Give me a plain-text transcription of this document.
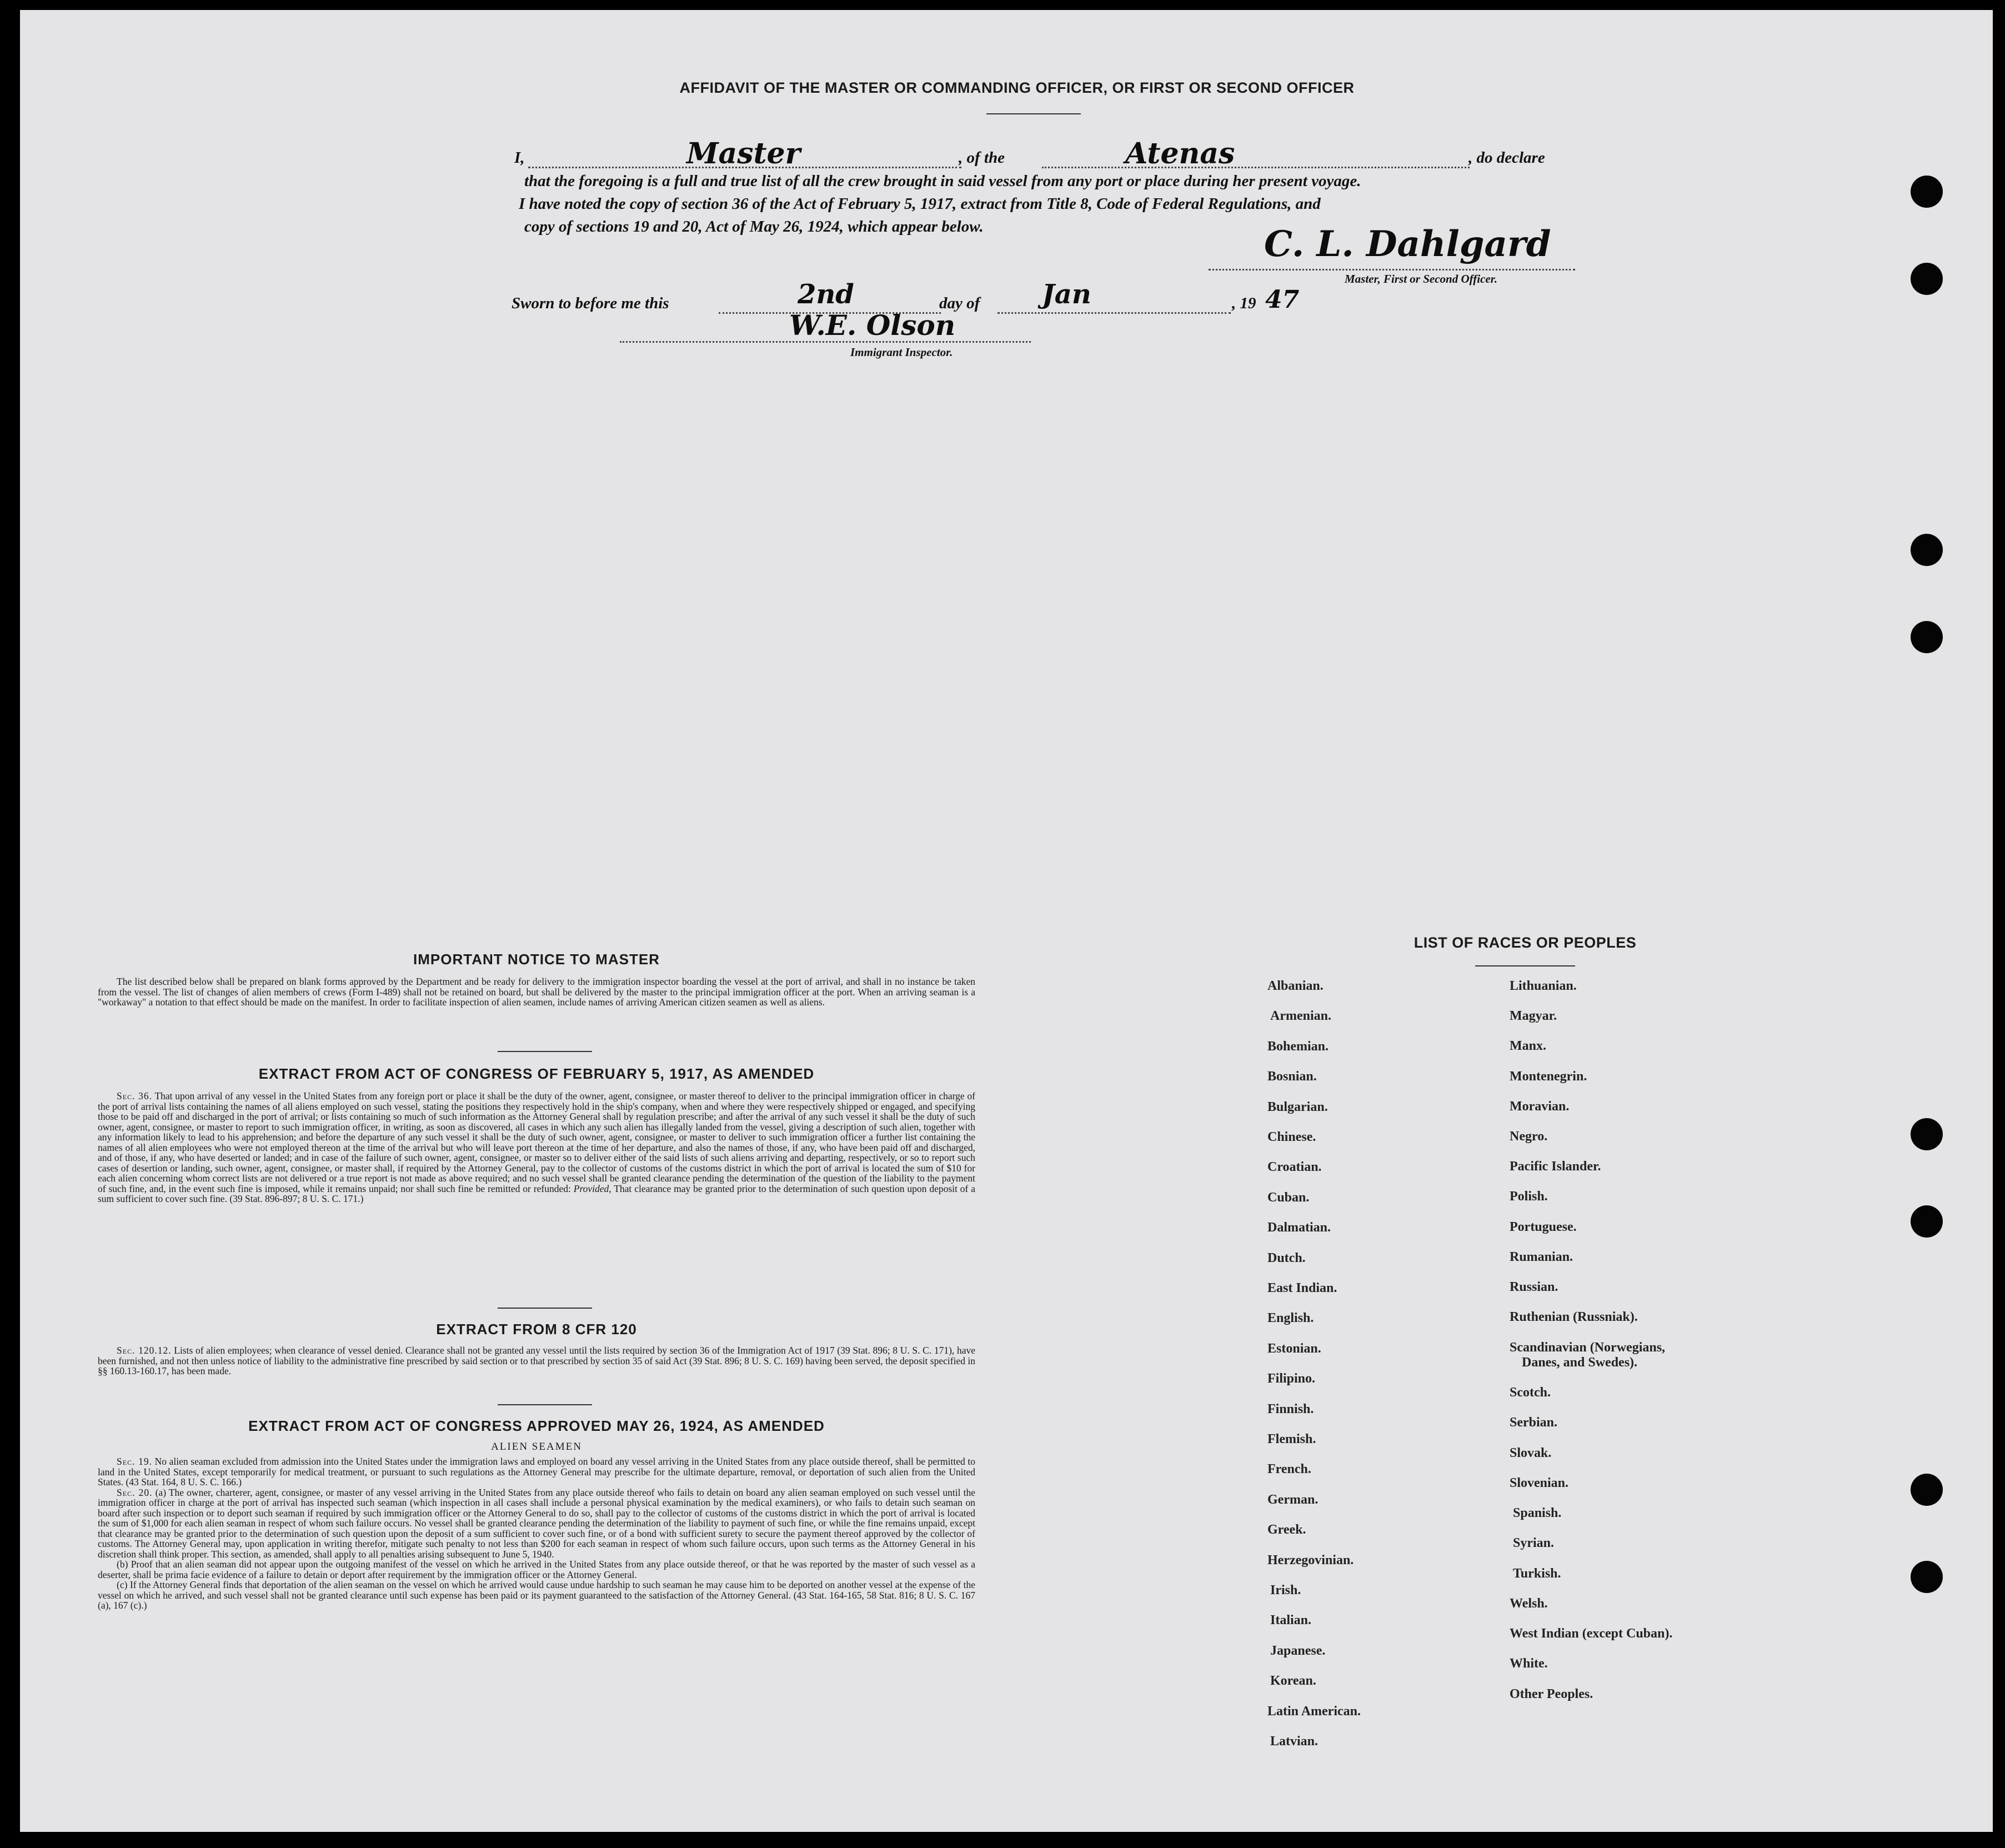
AFFIDAVIT OF THE MASTER OR COMMANDING OFFICER, OR FIRST OR SECOND OFFICER
I,	Master	, of the	Atenas	, do declare
that the foregoing is a full and true list of all the crew brought in said vessel from any port or place during her present voyage.
I have noted the copy of section 36 of the Act of February 5, 1917, extract from Title 8, Code of Federal Regulations, and
copy of sections 19 and 20, Act of May 26, 1924, which appear below.	C. L. Dahlgard
Master, First or Second Officer.
Sworn to before me this	2nd	day of Jan	, 19 47
W.E. Olson
Immigrant Inspector.
IMPORTANT NOTICE TO MASTER

The list described below shall be prepared on blank forms approved by the Department and be ready for delivery to the immigration inspector boarding the vessel at the port of arrival, and shall in no instance be taken from the vessel. The list of changes of alien members of crews (Form I-489) shall not be retained on board, but shall be delivered by the master to the principal immigration officer at the port. When an arriving seaman is a "workaway" a notation to that effect should be made on the manifest. In order to facilitate inspection of alien seamen, include names of arriving American citizen seamen as well as aliens.

EXTRACT FROM ACT OF CONGRESS OF FEBRUARY 5, 1917, AS AMENDED

Sec. 36. That upon arrival of any vessel in the United States from any foreign port or place it shall be the duty of the owner, agent, consignee, or master thereof to deliver to the principal immigration officer in charge of the port of arrival lists containing the names of all aliens employed on such vessel, stating the positions they respectively hold in the ship's company, when and where they were respectively shipped or engaged, and specifying those to be paid off and discharged in the port of arrival; or lists containing so much of such information as the Attorney General shall by regulation prescribe; and after the arrival of any such vessel it shall be the duty of such owner, agent, consignee, or master to report to such immigration officer, in writing, as soon as discovered, all cases in which any such alien has illegally landed from the vessel, giving a description of such alien, together with any information likely to lead to his apprehension; and before the departure of any such vessel it shall be the duty of such owner, agent, consignee, or master to deliver to such immigration officer a further list containing the names of all alien employees who were not employed thereon at the time of the arrival but who will leave port thereon at the time of her departure, and also the names of those, if any, who have been paid off and discharged, and of those, if any, who have deserted or landed; and in case of the failure of such owner, agent, consignee, or master so to deliver either of the said lists of such aliens arriving and departing, respectively, or so to report such cases of desertion or landing, such owner, agent, consignee, or master shall, if required by the Attorney General, pay to the collector of customs of the customs district in which the port of arrival is located the sum of $10 for each alien concerning whom correct lists are not delivered or a true report is not made as above required; and no such vessel shall be granted clearance pending the determination of the question of the liability to the payment of such fine, and, in the event such fine is imposed, while it remains unpaid; nor shall such fine be remitted or refunded: Provided, That clearance may be granted prior to the determination of such question upon deposit of a sum sufficient to cover such fine. (39 Stat. 896-897; 8 U. S. C. 171.)

EXTRACT FROM 8 CFR 120

Sec. 120.12. Lists of alien employees; when clearance of vessel denied. Clearance shall not be granted any vessel until the lists required by section 36 of the Immigration Act of 1917 (39 Stat. 896; 8 U. S. C. 171), have been furnished, and not then unless notice of liability to the administrative fine prescribed by said section or to that prescribed by section 35 of said Act (39 Stat. 896; 8 U. S. C. 169) having been served, the deposit specified in §§ 160.13-160.17, has been made.

EXTRACT FROM ACT OF CONGRESS APPROVED MAY 26, 1924, AS AMENDED
ALIEN SEAMEN

Sec. 19. No alien seaman excluded from admission into the United States under the immigration laws and employed on board any vessel arriving in the United States from any place outside thereof, shall be permitted to land in the United States, except temporarily for medical treatment, or pursuant to such regulations as the Attorney General may prescribe for the ultimate departure, removal, or deportation of such alien from the United States. (43 Stat. 164, 8 U. S. C. 166.)

Sec. 20. (a) The owner, charterer, agent, consignee, or master of any vessel arriving in the United States from any place outside thereof who fails to detain on board any alien seaman employed on such vessel until the immigration officer in charge at the port of arrival has inspected such seaman (which inspection in all cases shall include a personal physical examination by the medical examiners), or who fails to detain such seaman on board after such inspection or to deport such seaman if required by such immigration officer or the Attorney General to do so, shall pay to the collector of customs of the customs district in which the port of arrival is located the sum of $1,000 for each alien seaman in respect of whom such failure occurs. No vessel shall be granted clearance pending the determination of the liability to payment of such fine, or while the fine remains unpaid, except that clearance may be granted prior to the determination of such question upon the deposit of a sum sufficient to cover such fine, or of a bond with sufficient surety to secure the payment thereof approved by the collector of customs. The Attorney General may, upon application in writing therefor, mitigate such penalty to not less than $200 for each seaman in respect of whom such failure occurs, upon such terms as the Attorney General in his discretion shall think proper. This section, as amended, shall apply to all penalties arising subsequent to June 5, 1940.

(b) Proof that an alien seaman did not appear upon the outgoing manifest of the vessel on which he arrived in the United States from any place outside thereof, or that he was reported by the master of such vessel as a deserter, shall be prima facie evidence of a failure to detain or deport after requirement by the immigration officer or the Attorney General.

(c) If the Attorney General finds that deportation of the alien seaman on the vessel on which he arrived would cause undue hardship to such seaman he may cause him to be deported on another vessel at the expense of the vessel on which he arrived, and such vessel shall not be granted clearance until such expense has been paid or its payment guaranteed to the satisfaction of the Attorney General. (43 Stat. 164-165, 58 Stat. 816; 8 U. S. C. 167 (a), 167 (c).)

LIST OF RACES OR PEOPLES
Albanian.
Armenian.
Bohemian.
Bosnian.
Bulgarian.
Chinese.
Croatian.
Cuban.
Dalmatian.
Dutch.
East Indian.
English.
Estonian.
Filipino.
Finnish.
Flemish.
French.
German.
Greek.
Herzegovinian.
Irish.
Italian.
Japanese.
Korean.
Latin American.
Latvian.
Lithuanian.
Magyar.
Manx.
Montenegrin.
Moravian.
Negro.
Pacific Islander.
Polish.
Portuguese.
Rumanian.
Russian.
Ruthenian (Russniak).
Scandinavian (Norwegians,
Danes, and Swedes).
Scotch.
Serbian.
Slovak.
Slovenian.
Spanish.
Syrian.
Turkish.
Welsh.
West Indian (except Cuban).
White.
Other Peoples.
